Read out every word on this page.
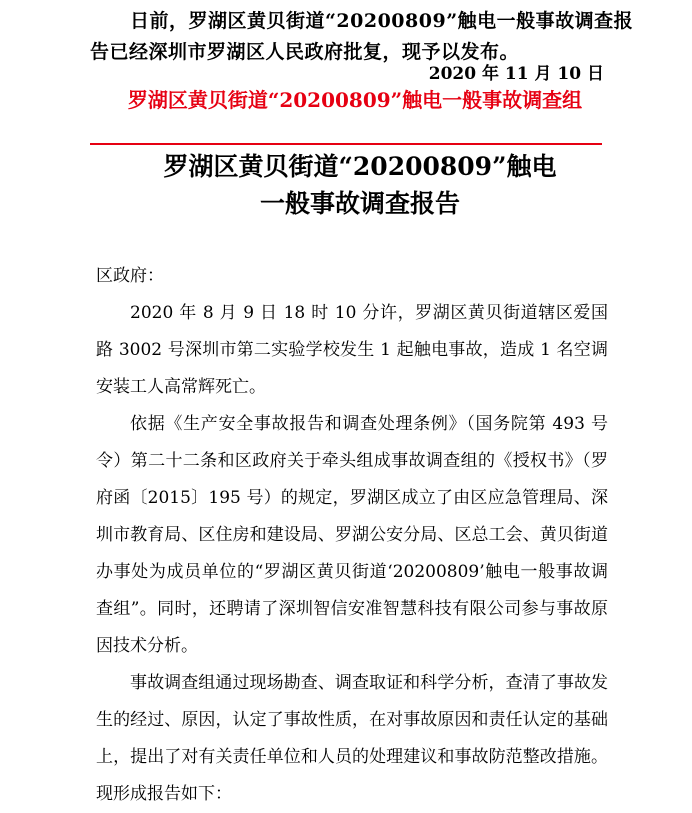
日前，罗湖区黄贝街道“20200809”触电一般事故调查报告已经深圳市罗湖区人民政府批复，现予以发布。
2020 年 11 月 10 日
罗湖区黄贝街道“20200809”触电一般事故调查组
罗湖区黄贝街道“20200809”触电
一般事故调查报告

区政府：

2020 年 8 月 9 日 18 时 10 分许，罗湖区黄贝街道辖区爱国路 3002 号深圳市第二实验学校发生 1 起触电事故，造成 1 名空调安装工人高常辉死亡。

依据《生产安全事故报告和调查处理条例》（国务院第 493 号令）第二十二条和区政府关于牵头组成事故调查组的《授权书》（罗府函〔2015〕195 号）的规定，罗湖区成立了由区应急管理局、深圳市教育局、区住房和建设局、罗湖公安分局、区总工会、黄贝街道办事处为成员单位的“罗湖区黄贝街道‘20200809’触电一般事故调查组”。同时，还聘请了深圳智信安准智慧科技有限公司参与事故原因技术分析。

事故调查组通过现场勘查、调查取证和科学分析，查清了事故发生的经过、原因，认定了事故性质，在对事故原因和责任认定的基础上，提出了对有关责任单位和人员的处理建议和事故防范整改措施。现形成报告如下：
